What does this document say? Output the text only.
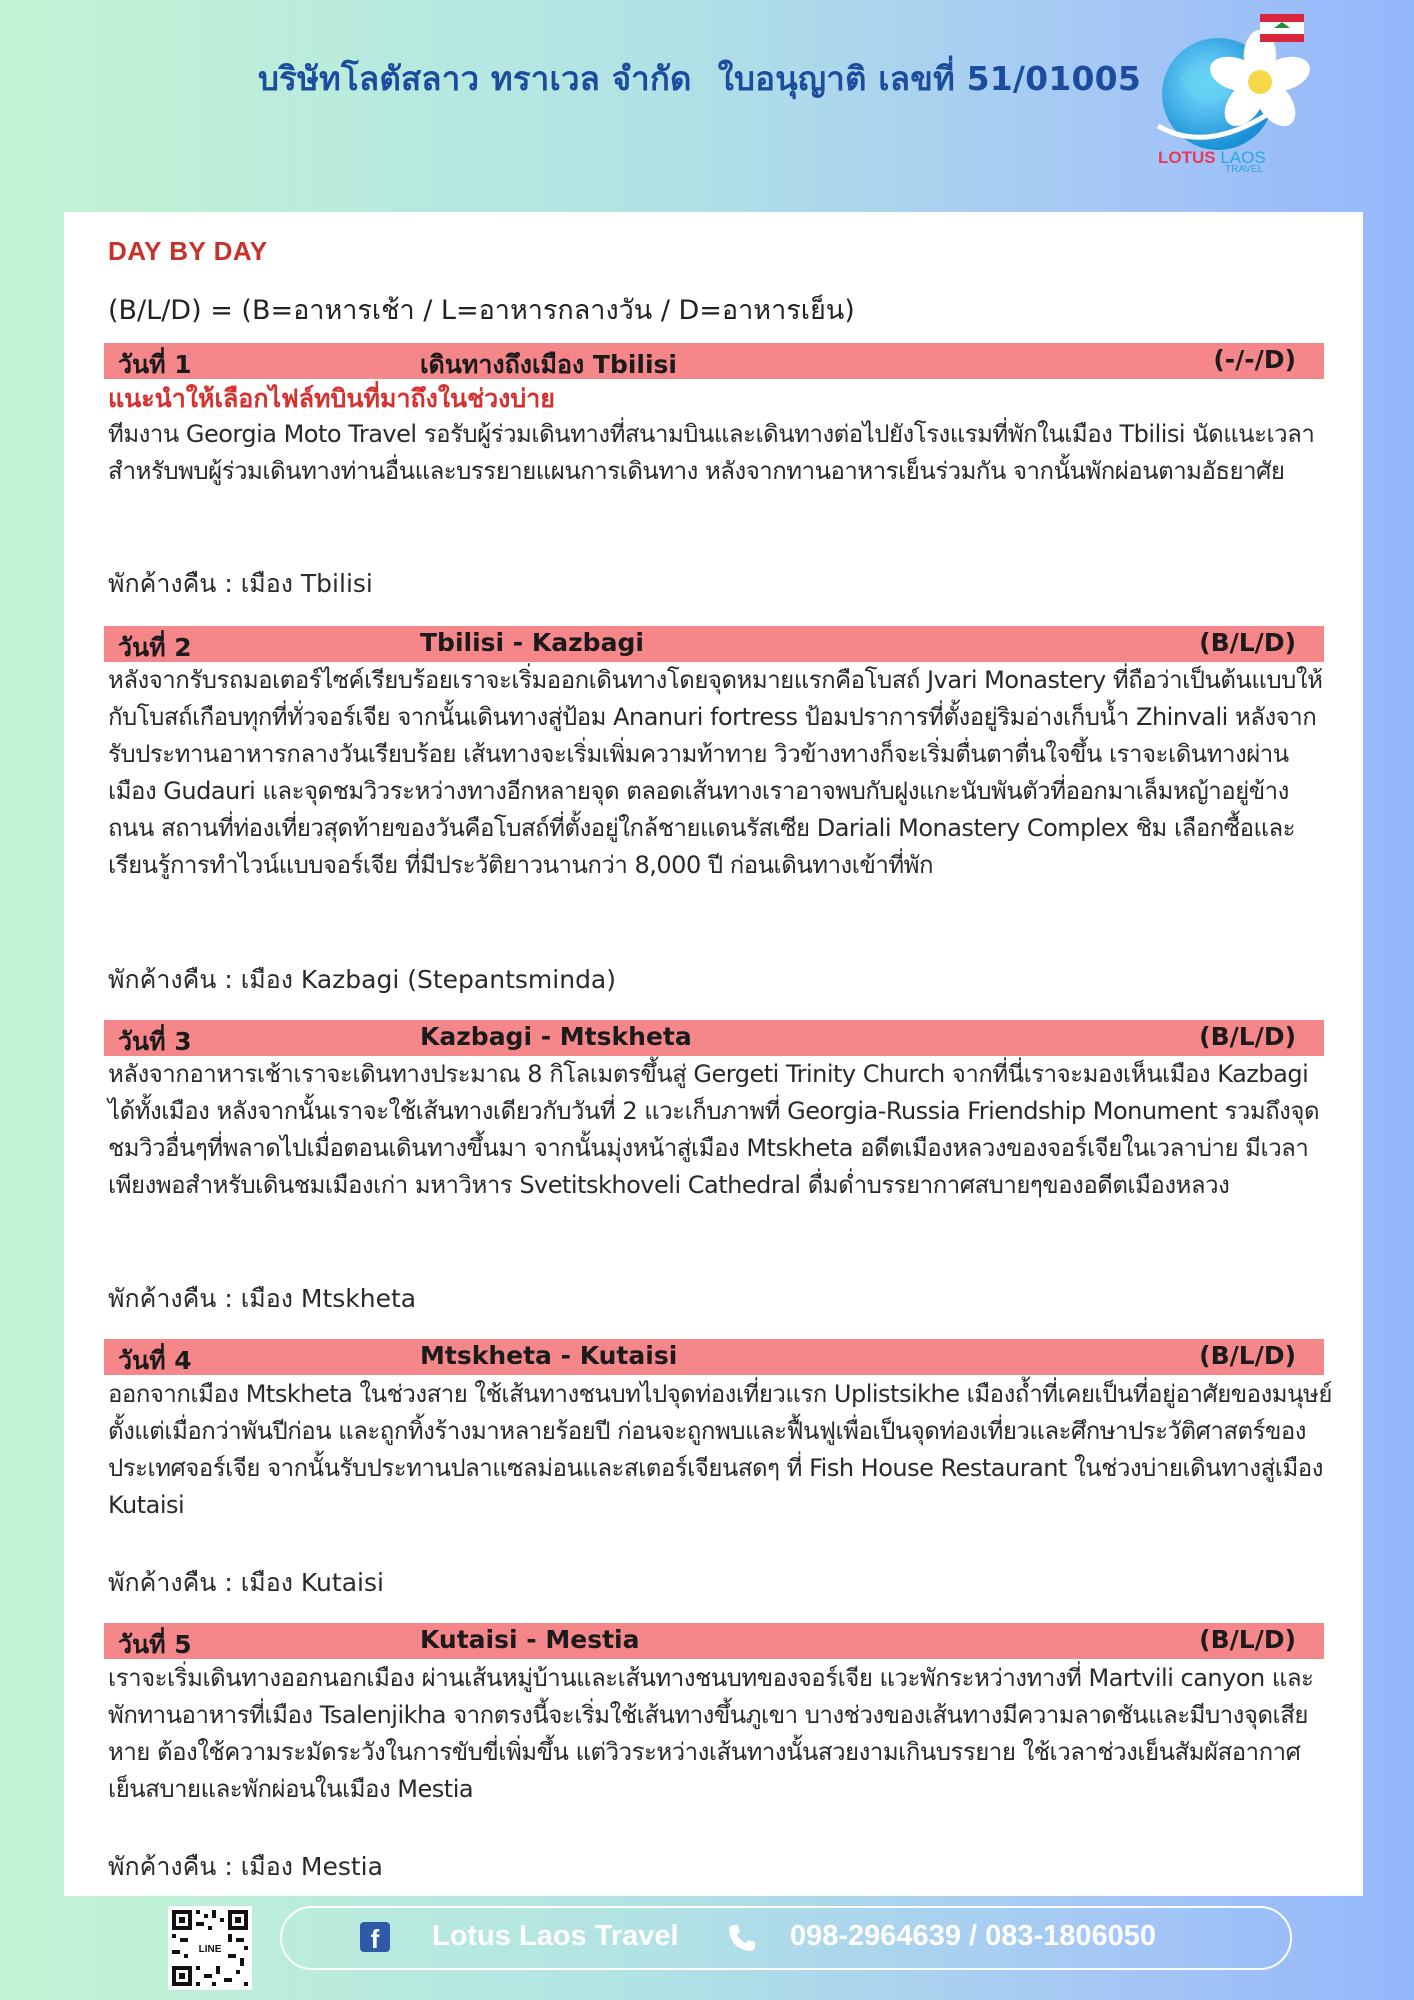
บริษัทโลตัสลาว ทราเวล จำกัด ใบอนุญาติ เลขที่ 51/01005
LOTUS LAOS
TRAVEL
DAY BY DAY
(B/L/D) = (B=อาหารเช้า / L=อาหารกลางวัน / D=อาหารเย็น)
วันที่ 1	เดินทางถึงเมือง Tbilisi	(-/-/D)
แนะนำให้เลือกไฟล์ทบินที่มาถึงในช่วงบ่าย
ทีมงาน Georgia Moto Travel รอรับผู้ร่วมเดินทางที่สนามบินและเดินทางต่อไปยังโรงแรมที่พักในเมือง Tbilisi นัดแนะเวลาสำหรับพบผู้ร่วมเดินทางท่านอื่นและบรรยายแผนการเดินทาง หลังจากทานอาหารเย็นร่วมกัน จากนั้นพักผ่อนตามอัธยาศัย
พักค้างคืน : เมือง Tbilisi
วันที่ 2	Tbilisi - Kazbagi	(B/L/D)
หลังจากรับรถมอเตอร์ไซค์เรียบร้อยเราจะเริ่มออกเดินทางโดยจุดหมายแรกคือโบสถ์ Jvari Monastery ที่ถือว่าเป็นต้นแบบให้กับโบสถ์เกือบทุกที่ทั่วจอร์เจีย จากนั้นเดินทางสู่ป้อม Ananuri fortress ป้อมปราการที่ตั้งอยู่ริมอ่างเก็บน้ำ Zhinvali หลังจากรับประทานอาหารกลางวันเรียบร้อย เส้นทางจะเริ่มเพิ่มความท้าทาย วิวข้างทางก็จะเริ่มตื่นตาตื่นใจขึ้น เราจะเดินทางผ่านเมือง Gudauri และจุดชมวิวระหว่างทางอีกหลายจุด ตลอดเส้นทางเราอาจพบกับฝูงแกะนับพันตัวที่ออกมาเล็มหญ้าอยู่ข้างถนน สถานที่ท่องเที่ยวสุดท้ายของวันคือโบสถ์ที่ตั้งอยู่ใกล้ชายแดนรัสเซีย Dariali Monastery Complex ชิม เลือกซื้อและเรียนรู้การทำไวน์แบบจอร์เจีย ที่มีประวัติยาวนานกว่า 8,000 ปี ก่อนเดินทางเข้าที่พัก
พักค้างคืน : เมือง Kazbagi (Stepantsminda)
วันที่ 3	Kazbagi - Mtskheta	(B/L/D)
หลังจากอาหารเช้าเราจะเดินทางประมาณ 8 กิโลเมตรขึ้นสู่ Gergeti Trinity Church จากที่นี่เราจะมองเห็นเมือง Kazbagi ได้ทั้งเมือง หลังจากนั้นเราจะใช้เส้นทางเดียวกับวันที่ 2 แวะเก็บภาพที่ Georgia-Russia Friendship Monument รวมถึงจุดชมวิวอื่นๆที่พลาดไปเมื่อตอนเดินทางขึ้นมา จากนั้นมุ่งหน้าสู่เมือง Mtskheta อดีตเมืองหลวงของจอร์เจียในเวลาบ่าย มีเวลาเพียงพอสำหรับเดินชมเมืองเก่า มหาวิหาร Svetitskhoveli Cathedral ดื่มด่ำบรรยากาศสบายๆของอดีตเมืองหลวง
พักค้างคืน : เมือง Mtskheta
วันที่ 4	Mtskheta - Kutaisi	(B/L/D)
ออกจากเมือง Mtskheta ในช่วงสาย ใช้เส้นทางชนบทไปจุดท่องเที่ยวแรก Uplistsikhe เมืองถ้ำที่เคยเป็นที่อยู่อาศัยของมนุษย์ตั้งแต่เมื่อกว่าพันปีก่อน และถูกทิ้งร้างมาหลายร้อยปี ก่อนจะถูกพบและฟื้นฟูเพื่อเป็นจุดท่องเที่ยวและศึกษาประวัติศาสตร์ของประเทศจอร์เจีย จากนั้นรับประทานปลาแซลม่อนและสเตอร์เจียนสดๆ ที่ Fish House Restaurant ในช่วงบ่ายเดินทางสู่เมือง Kutaisi
พักค้างคืน : เมือง Kutaisi
วันที่ 5	Kutaisi - Mestia	(B/L/D)
เราจะเริ่มเดินทางออกนอกเมือง ผ่านเส้นหมู่บ้านและเส้นทางชนบทของจอร์เจีย แวะพักระหว่างทางที่ Martvili canyon และพักทานอาหารที่เมือง Tsalenjikha จากตรงนี้จะเริ่มใช้เส้นทางขึ้นภูเขา บางช่วงของเส้นทางมีความลาดชันและมีบางจุดเสียหาย ต้องใช้ความระมัดระวังในการขับขี่เพิ่มขึ้น แต่วิวระหว่างเส้นทางนั้นสวยงามเกินบรรยาย ใช้เวลาช่วงเย็นสัมผัสอากาศเย็นสบายและพักผ่อนในเมือง Mestia
พักค้างคืน : เมือง Mestia
LINE	f	Lotus Laos Travel	098-2964639 / 083-1806050
